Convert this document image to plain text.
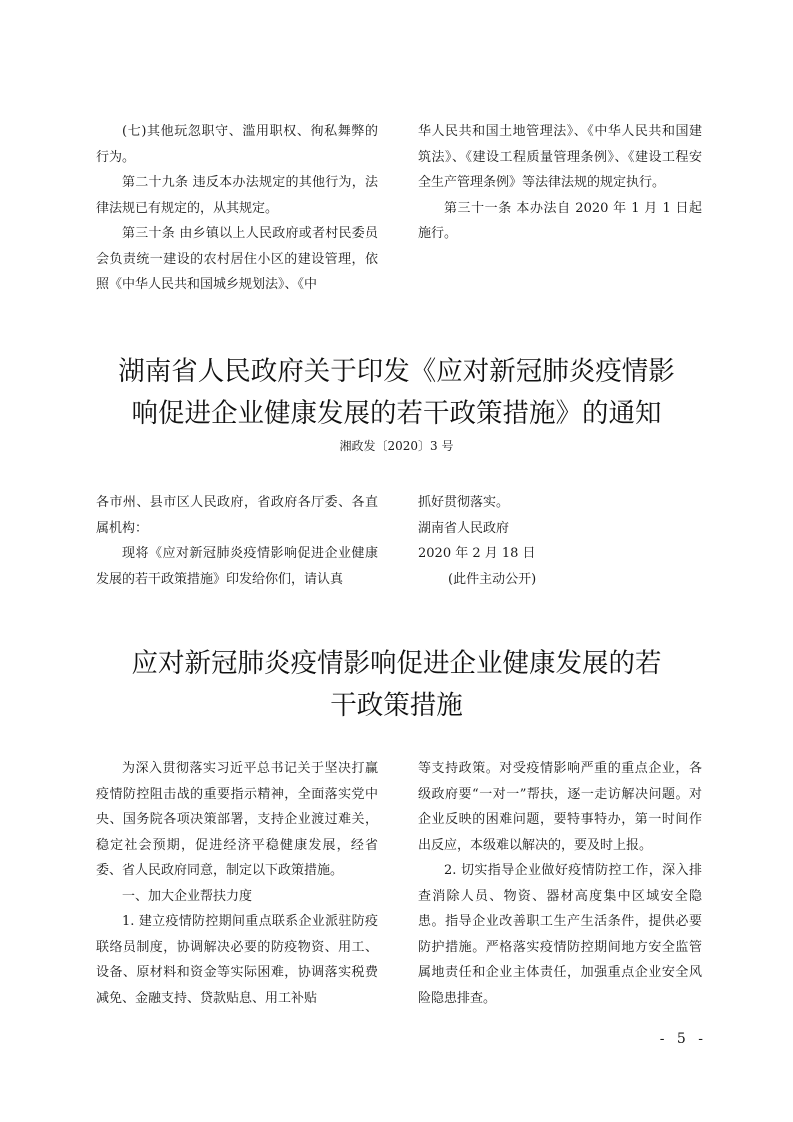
(七)其他玩忽职守、滥用职权、徇私舞弊的行为。

第二十九条 违反本办法规定的其他行为，法律法规已有规定的，从其规定。

第三十条 由乡镇以上人民政府或者村民委员会负责统一建设的农村居住小区的建设管理，依照《中华人民共和国城乡规划法》、《中

华人民共和国土地管理法》、《中华人民共和国建筑法》、《建设工程质量管理条例》、《建设工程安全生产管理条例》等法律法规的规定执行。

第三十一条 本办法自 2020 年 1 月 1 日起施行。

湖南省人民政府关于印发《应对新冠肺炎疫情影
响促进企业健康发展的若干政策措施》的通知
湘政发〔2020〕3 号

各市州、县市区人民政府，省政府各厅委、各直属机构：

现将《应对新冠肺炎疫情影响促进企业健康发展的若干政策措施》印发给你们，请认真

抓好贯彻落实。

湖南省人民政府

2020 年 2 月 18 日

(此件主动公开)

应对新冠肺炎疫情影响促进企业健康发展的若
干政策措施

为深入贯彻落实习近平总书记关于坚决打赢疫情防控阻击战的重要指示精神，全面落实党中央、国务院各项决策部署，支持企业渡过难关，稳定社会预期，促进经济平稳健康发展，经省委、省人民政府同意，制定以下政策措施。

一、加大企业帮扶力度

1. 建立疫情防控期间重点联系企业派驻防疫联络员制度，协调解决必要的防疫物资、用工、设备、原材料和资金等实际困难，协调落实税费减免、金融支持、贷款贴息、用工补贴

等支持政策。对受疫情影响严重的重点企业，各级政府要“一对一”帮扶，逐一走访解决问题。对企业反映的困难问题，要特事特办，第一时间作出反应，本级难以解决的，要及时上报。

2. 切实指导企业做好疫情防控工作，深入排查消除人员、物资、器材高度集中区域安全隐患。指导企业改善职工生产生活条件，提供必要防护措施。严格落实疫情防控期间地方安全监管属地责任和企业主体责任，加强重点企业安全风险隐患排查。

- 5 -
